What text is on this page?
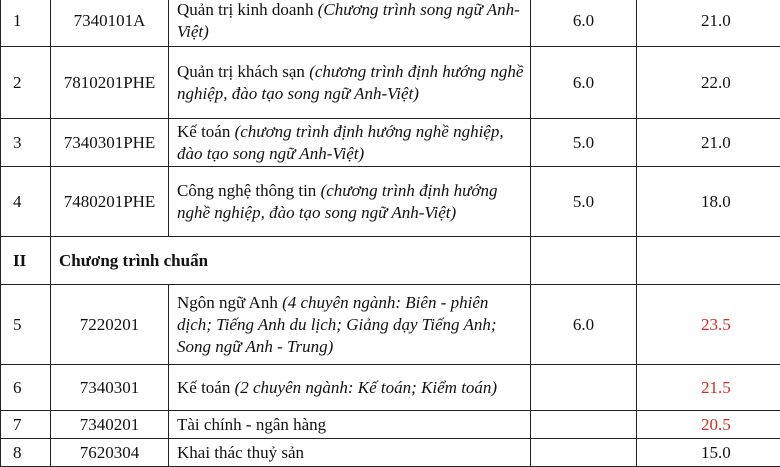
1	7340101A	Quản trị kinh doanh (Chương trình song ngữ Anh-Việt)	6.0	21.0
2	7810201PHE	Quản trị khách sạn (chương trình định hướng nghề nghiệp, đào tạo song ngữ Anh-Việt)	6.0	22.0
3	7340301PHE	Kế toán (chương trình định hướng nghề nghiệp, đào tạo song ngữ Anh-Việt)	5.0	21.0
4	7480201PHE	Công nghệ thông tin (chương trình định hướng nghề nghiệp, đào tạo song ngữ Anh-Việt)	5.0	18.0
II	Chương trình chuẩn			
5	7220201	Ngôn ngữ Anh (4 chuyên ngành: Biên - phiên dịch; Tiếng Anh du lịch; Giảng dạy Tiếng Anh; Song ngữ Anh - Trung)	6.0	23.5
6	7340301	Kế toán (2 chuyên ngành: Kế toán; Kiểm toán)		21.5
7	7340201	Tài chính - ngân hàng		20.5
8	7620304	Khai thác thuỷ sản		15.0
